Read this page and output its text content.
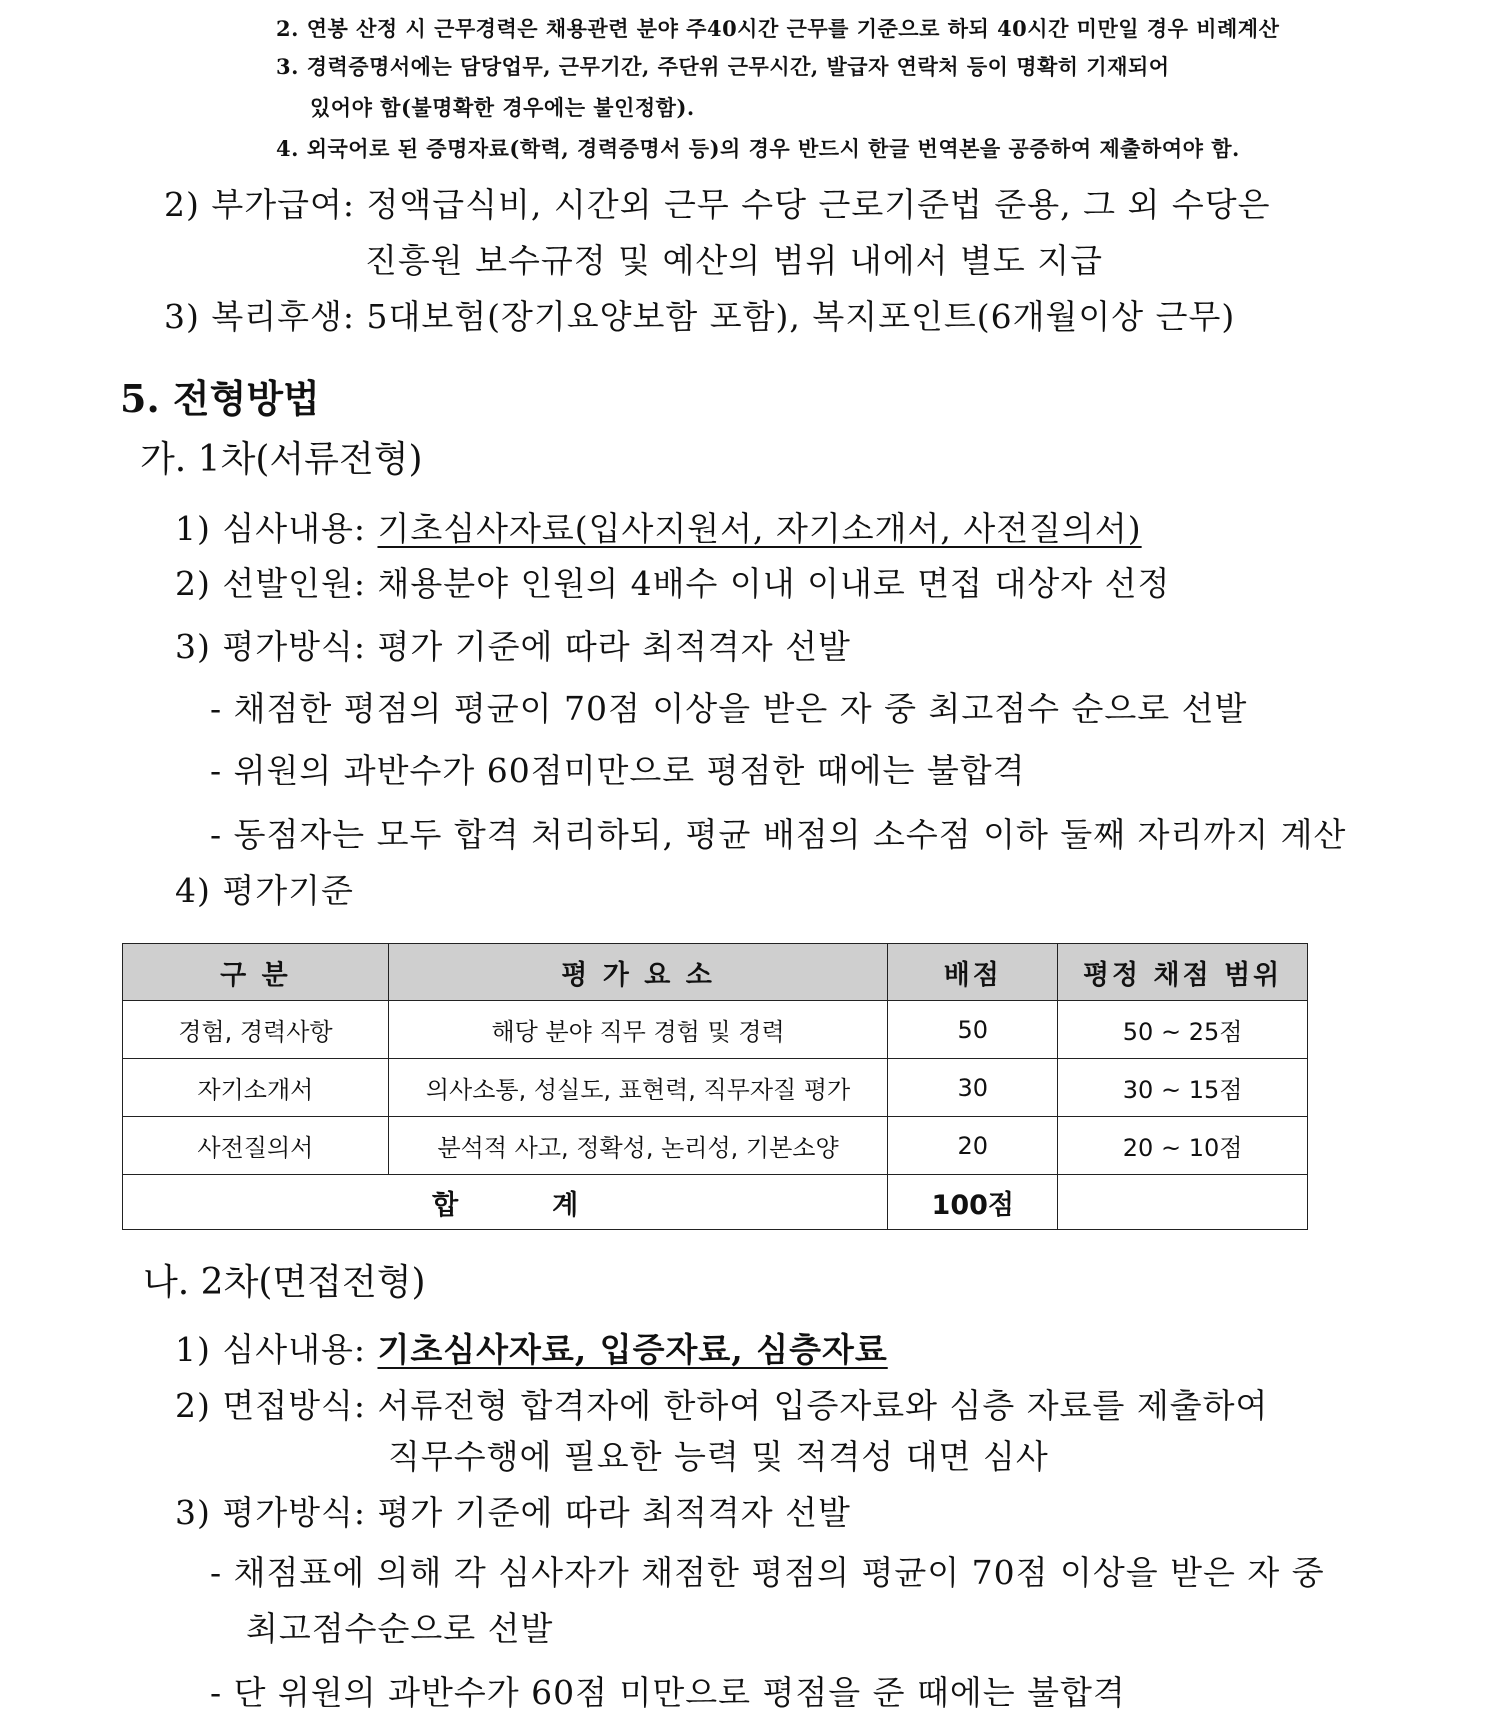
2. 연봉 산정 시 근무경력은 채용관련 분야 주40시간 근무를 기준으로 하되 40시간 미만일 경우 비례계산
3. 경력증명서에는 담당업무, 근무기간, 주단위 근무시간, 발급자 연락처 등이 명확히 기재되어
있어야 함(불명확한 경우에는 불인정함).
4. 외국어로 된 증명자료(학력, 경력증명서 등)의 경우 반드시 한글 번역본을 공증하여 제출하여야 함.
2) 부가급여: 정액급식비, 시간외 근무 수당 근로기준법 준용, 그 외 수당은
진흥원 보수규정 및 예산의 범위 내에서 별도 지급
3) 복리후생: 5대보험(장기요양보함 포함), 복지포인트(6개월이상 근무)
5. 전형방법
가. 1차(서류전형)
1) 심사내용: 기초심사자료(입사지원서, 자기소개서, 사전질의서)
2) 선발인원: 채용분야 인원의 4배수 이내 이내로 면접 대상자 선정
3) 평가방식: 평가 기준에 따라 최적격자 선발
- 채점한 평점의 평균이 70점 이상을 받은 자 중 최고점수 순으로 선발
- 위원의 과반수가 60점미만으로 평점한 때에는 불합격
- 동점자는 모두 합격 처리하되, 평균 배점의 소수점 이하 둘째 자리까지 계산
4) 평가기준
구 분	평 가 요 소	배점	평정 채점 범위
경험, 경력사항	해당 분야 직무 경험 및 경력	50	50 ~ 25점
자기소개서	의사소통, 성실도, 표현력, 직무자질 평가	30	30 ~ 15점
사전질의서	분석적 사고, 정확성, 논리성, 기본소양	20	20 ~ 10점
합          계		100점	
나. 2차(면접전형)
1) 심사내용: 기초심사자료, 입증자료, 심층자료
2) 면접방식: 서류전형 합격자에 한하여 입증자료와 심층 자료를 제출하여
직무수행에 필요한 능력 및 적격성 대면 심사
3) 평가방식: 평가 기준에 따라 최적격자 선발
- 채점표에 의해 각 심사자가 채점한 평점의 평균이 70점 이상을 받은 자 중
최고점수순으로 선발
- 단 위원의 과반수가 60점 미만으로 평점을 준 때에는 불합격
